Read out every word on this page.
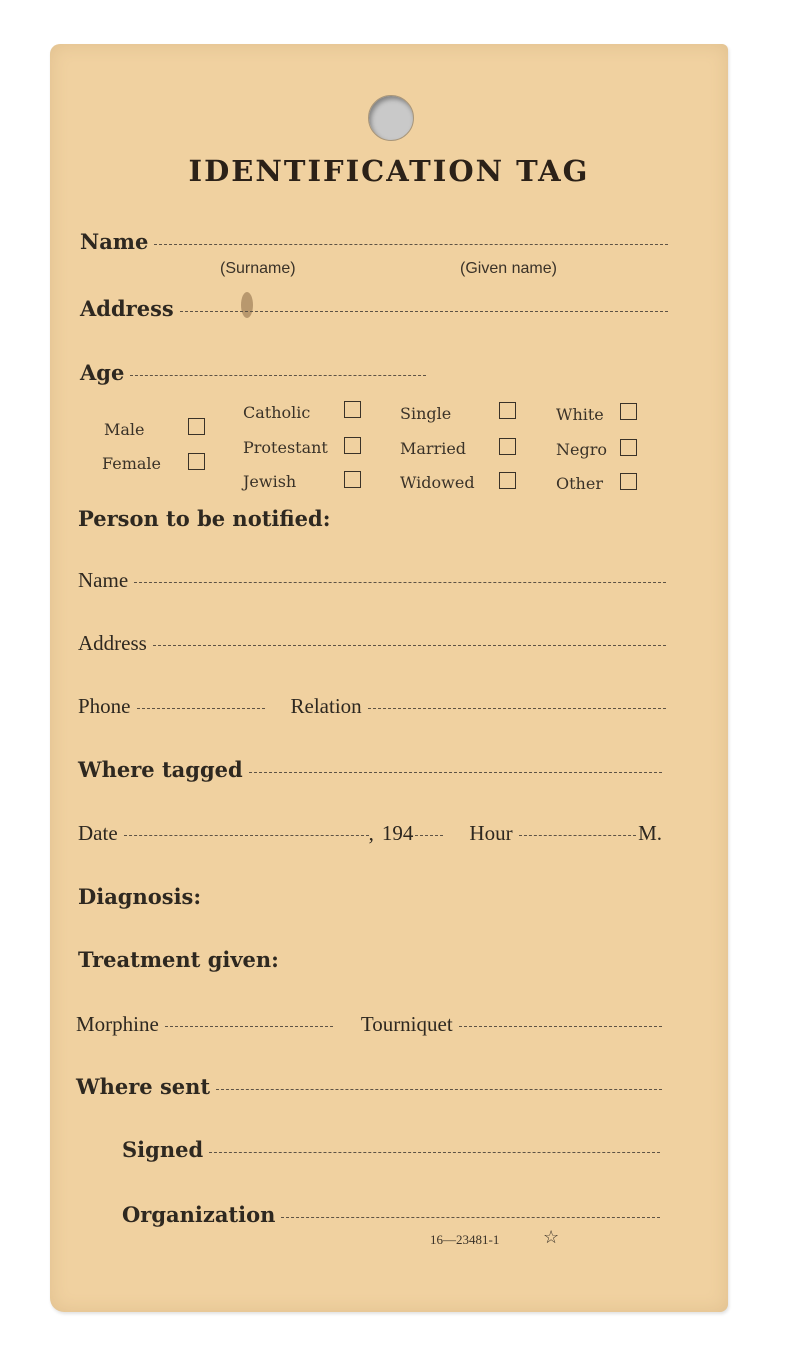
IDENTIFICATION TAG
Name
(Surname)	(Given name)
Address
Age
Male
Female
Catholic
Protestant
Jewish
Single
Married
Widowed
White
Negro
Other
Person to be notified:
Name
Address
Phone	Relation
Where tagged
Date	, 194	Hour	M.
Diagnosis:
Treatment given:
Morphine	Tourniquet
Where sent
Signed
Organization
16—23481-1 ☆
